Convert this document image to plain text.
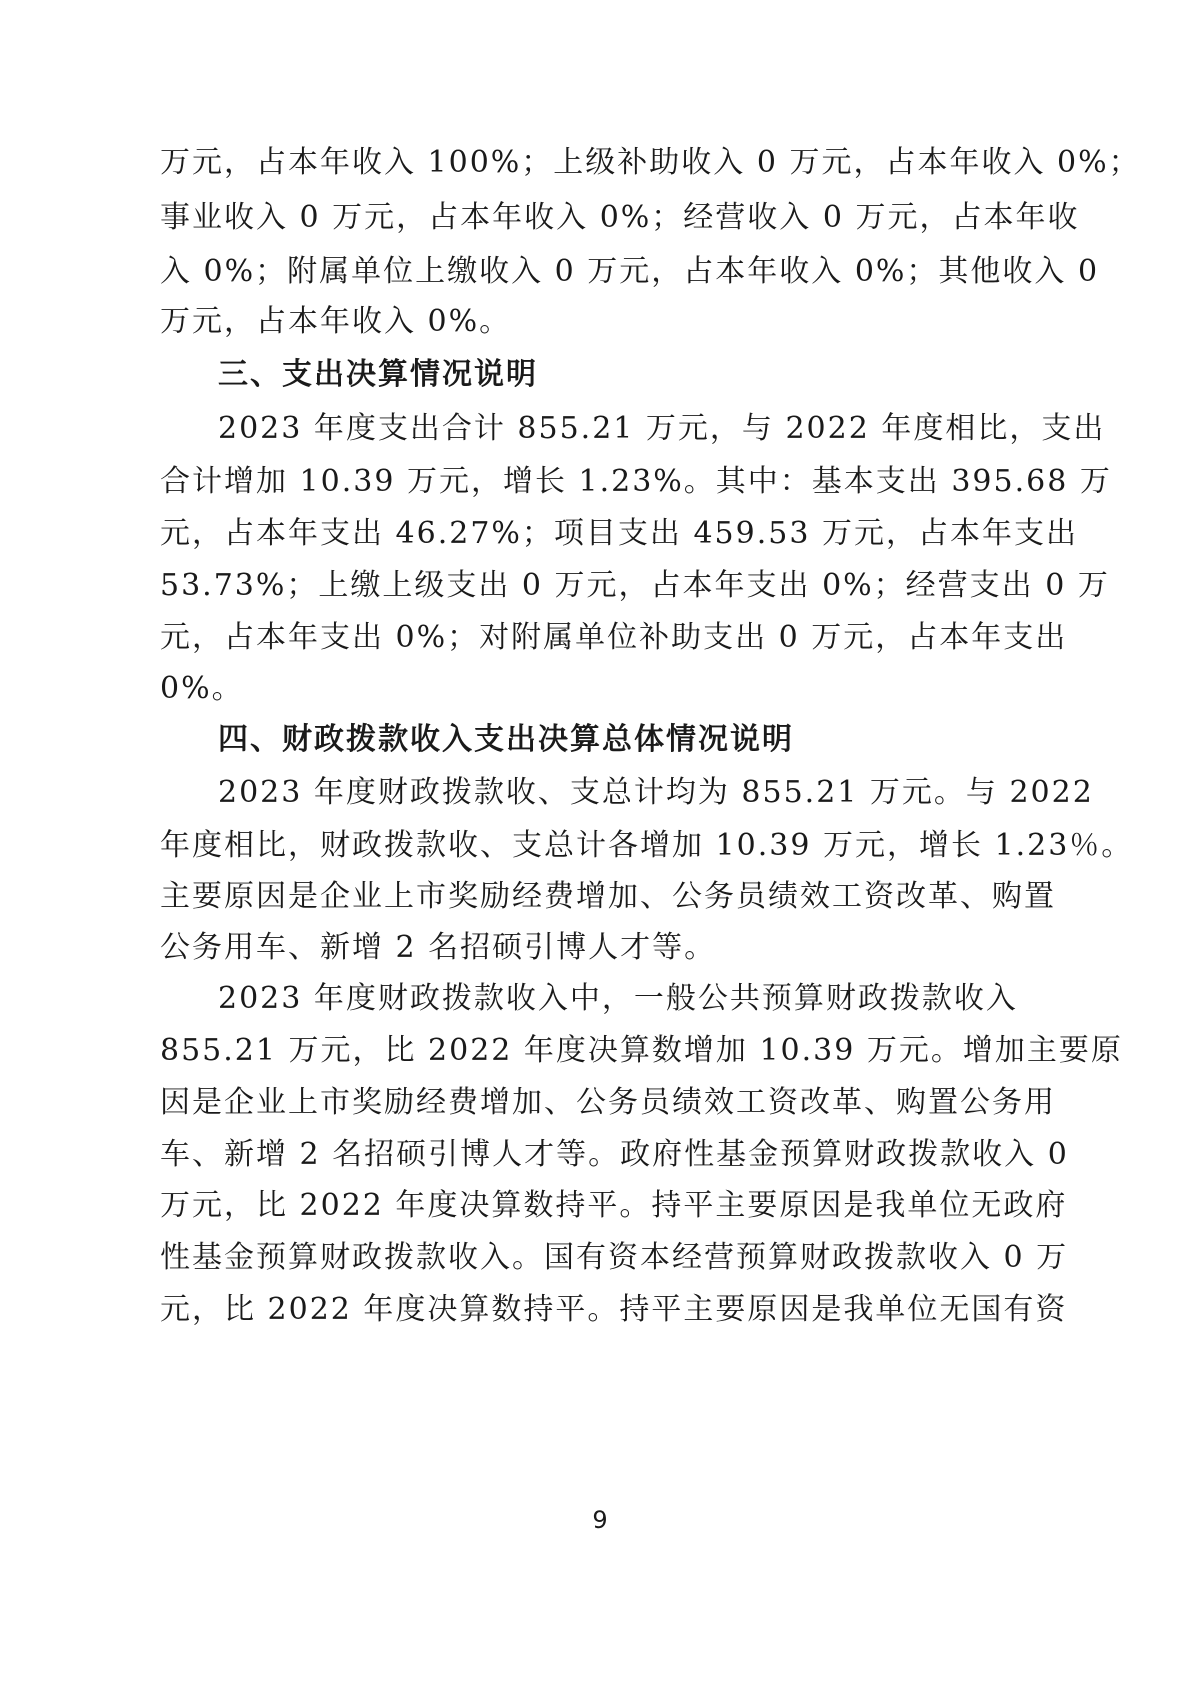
万元，占本年收入 100%；上级补助收入 0 万元，占本年收入 0%；
事业收入 0 万元，占本年收入 0%；经营收入 0 万元，占本年收
入 0%；附属单位上缴收入 0 万元，占本年收入 0%；其他收入 0
万元，占本年收入 0%。
三、支出决算情况说明
2023 年度支出合计 855.21 万元，与 2022 年度相比，支出
合计增加 10.39 万元，增长 1.23%。其中：基本支出 395.68 万
元，占本年支出 46.27%；项目支出 459.53 万元，占本年支出
53.73%；上缴上级支出 0 万元，占本年支出 0%；经营支出 0 万
元，占本年支出 0%；对附属单位补助支出 0 万元，占本年支出
0%。
四、财政拨款收入支出决算总体情况说明
2023 年度财政拨款收、支总计均为 855.21 万元。与 2022
年度相比，财政拨款收、支总计各增加 10.39 万元，增长 1.23％。
主要原因是企业上市奖励经费增加、公务员绩效工资改革、购置
公务用车、新增 2 名招硕引博人才等。
2023 年度财政拨款收入中，一般公共预算财政拨款收入
855.21 万元，比 2022 年度决算数增加 10.39 万元。增加主要原
因是企业上市奖励经费增加、公务员绩效工资改革、购置公务用
车、新增 2 名招硕引博人才等。政府性基金预算财政拨款收入 0
万元，比 2022 年度决算数持平。持平主要原因是我单位无政府
性基金预算财政拨款收入。国有资本经营预算财政拨款收入 0 万
元，比 2022 年度决算数持平。持平主要原因是我单位无国有资
9
